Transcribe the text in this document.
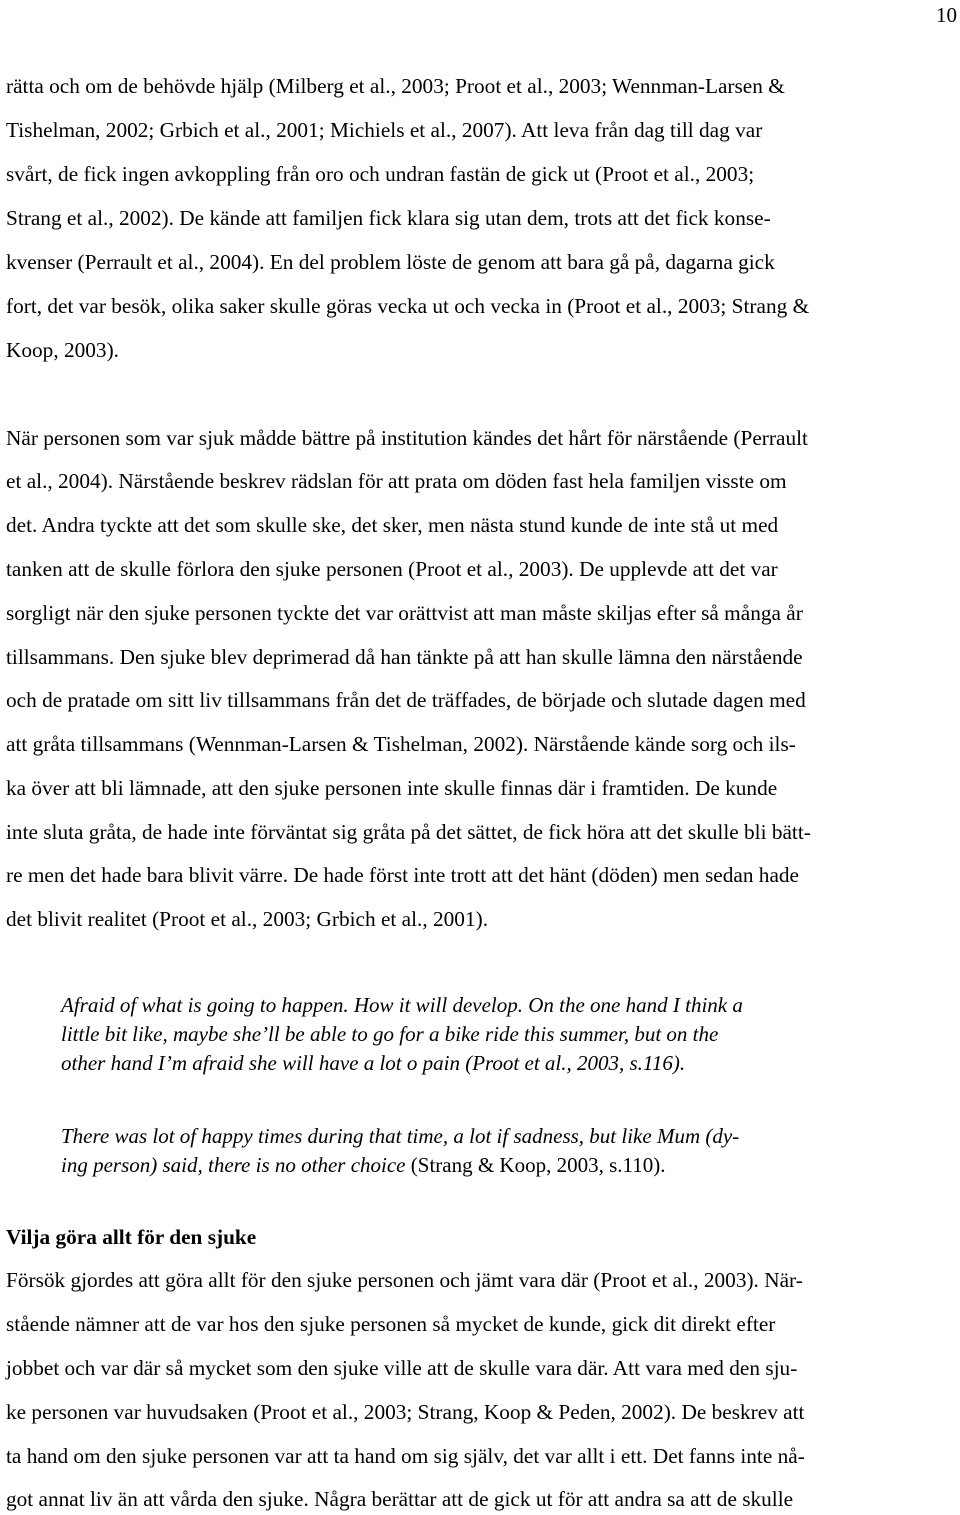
10
rätta och om de behövde hjälp (Milberg et al., 2003; Proot et al., 2003; Wennman-Larsen &
Tishelman, 2002; Grbich et al., 2001; Michiels et al., 2007). Att leva från dag till dag var
svårt, de fick ingen avkoppling från oro och undran fastän de gick ut (Proot et al., 2003;
Strang et al., 2002). De kände att familjen fick klara sig utan dem, trots att det fick konse-
kvenser (Perrault et al., 2004). En del problem löste de genom att bara gå på, dagarna gick
fort, det var besök, olika saker skulle göras vecka ut och vecka in (Proot et al., 2003; Strang &
Koop, 2003).
När personen som var sjuk mådde bättre på institution kändes det hårt för närstående (Perrault
et al., 2004). Närstående beskrev rädslan för att prata om döden fast hela familjen visste om
det. Andra tyckte att det som skulle ske, det sker, men nästa stund kunde de inte stå ut med
tanken att de skulle förlora den sjuke personen (Proot et al., 2003). De upplevde att det var
sorgligt när den sjuke personen tyckte det var orättvist att man måste skiljas efter så många år
tillsammans. Den sjuke blev deprimerad då han tänkte på att han skulle lämna den närstående
och de pratade om sitt liv tillsammans från det de träffades, de började och slutade dagen med
att gråta tillsammans (Wennman-Larsen & Tishelman, 2002). Närstående kände sorg och ils-
ka över att bli lämnade, att den sjuke personen inte skulle finnas där i framtiden. De kunde
inte sluta gråta, de hade inte förväntat sig gråta på det sättet, de fick höra att det skulle bli bätt-
re men det hade bara blivit värre. De hade först inte trott att det hänt (döden) men sedan hade
det blivit realitet (Proot et al., 2003; Grbich et al., 2001).
Afraid of what is going to happen. How it will develop. On the one hand I think a
little bit like, maybe she’ll be able to go for a bike ride this summer, but on the
other hand I’m afraid she will have a lot o pain (Proot et al., 2003, s.116).
There was lot of happy times during that time, a lot if sadness, but like Mum (dy-
ing person) said, there is no other choice (Strang & Koop, 2003, s.110).
Vilja göra allt för den sjuke
Försök gjordes att göra allt för den sjuke personen och jämt vara där (Proot et al., 2003). När-
stående nämner att de var hos den sjuke personen så mycket de kunde, gick dit direkt efter
jobbet och var där så mycket som den sjuke ville att de skulle vara där. Att vara med den sju-
ke personen var huvudsaken (Proot et al., 2003; Strang, Koop & Peden, 2002). De beskrev att
ta hand om den sjuke personen var att ta hand om sig själv, det var allt i ett. Det fanns inte nå-
got annat liv än att vårda den sjuke. Några berättar att de gick ut för att andra sa att de skulle
